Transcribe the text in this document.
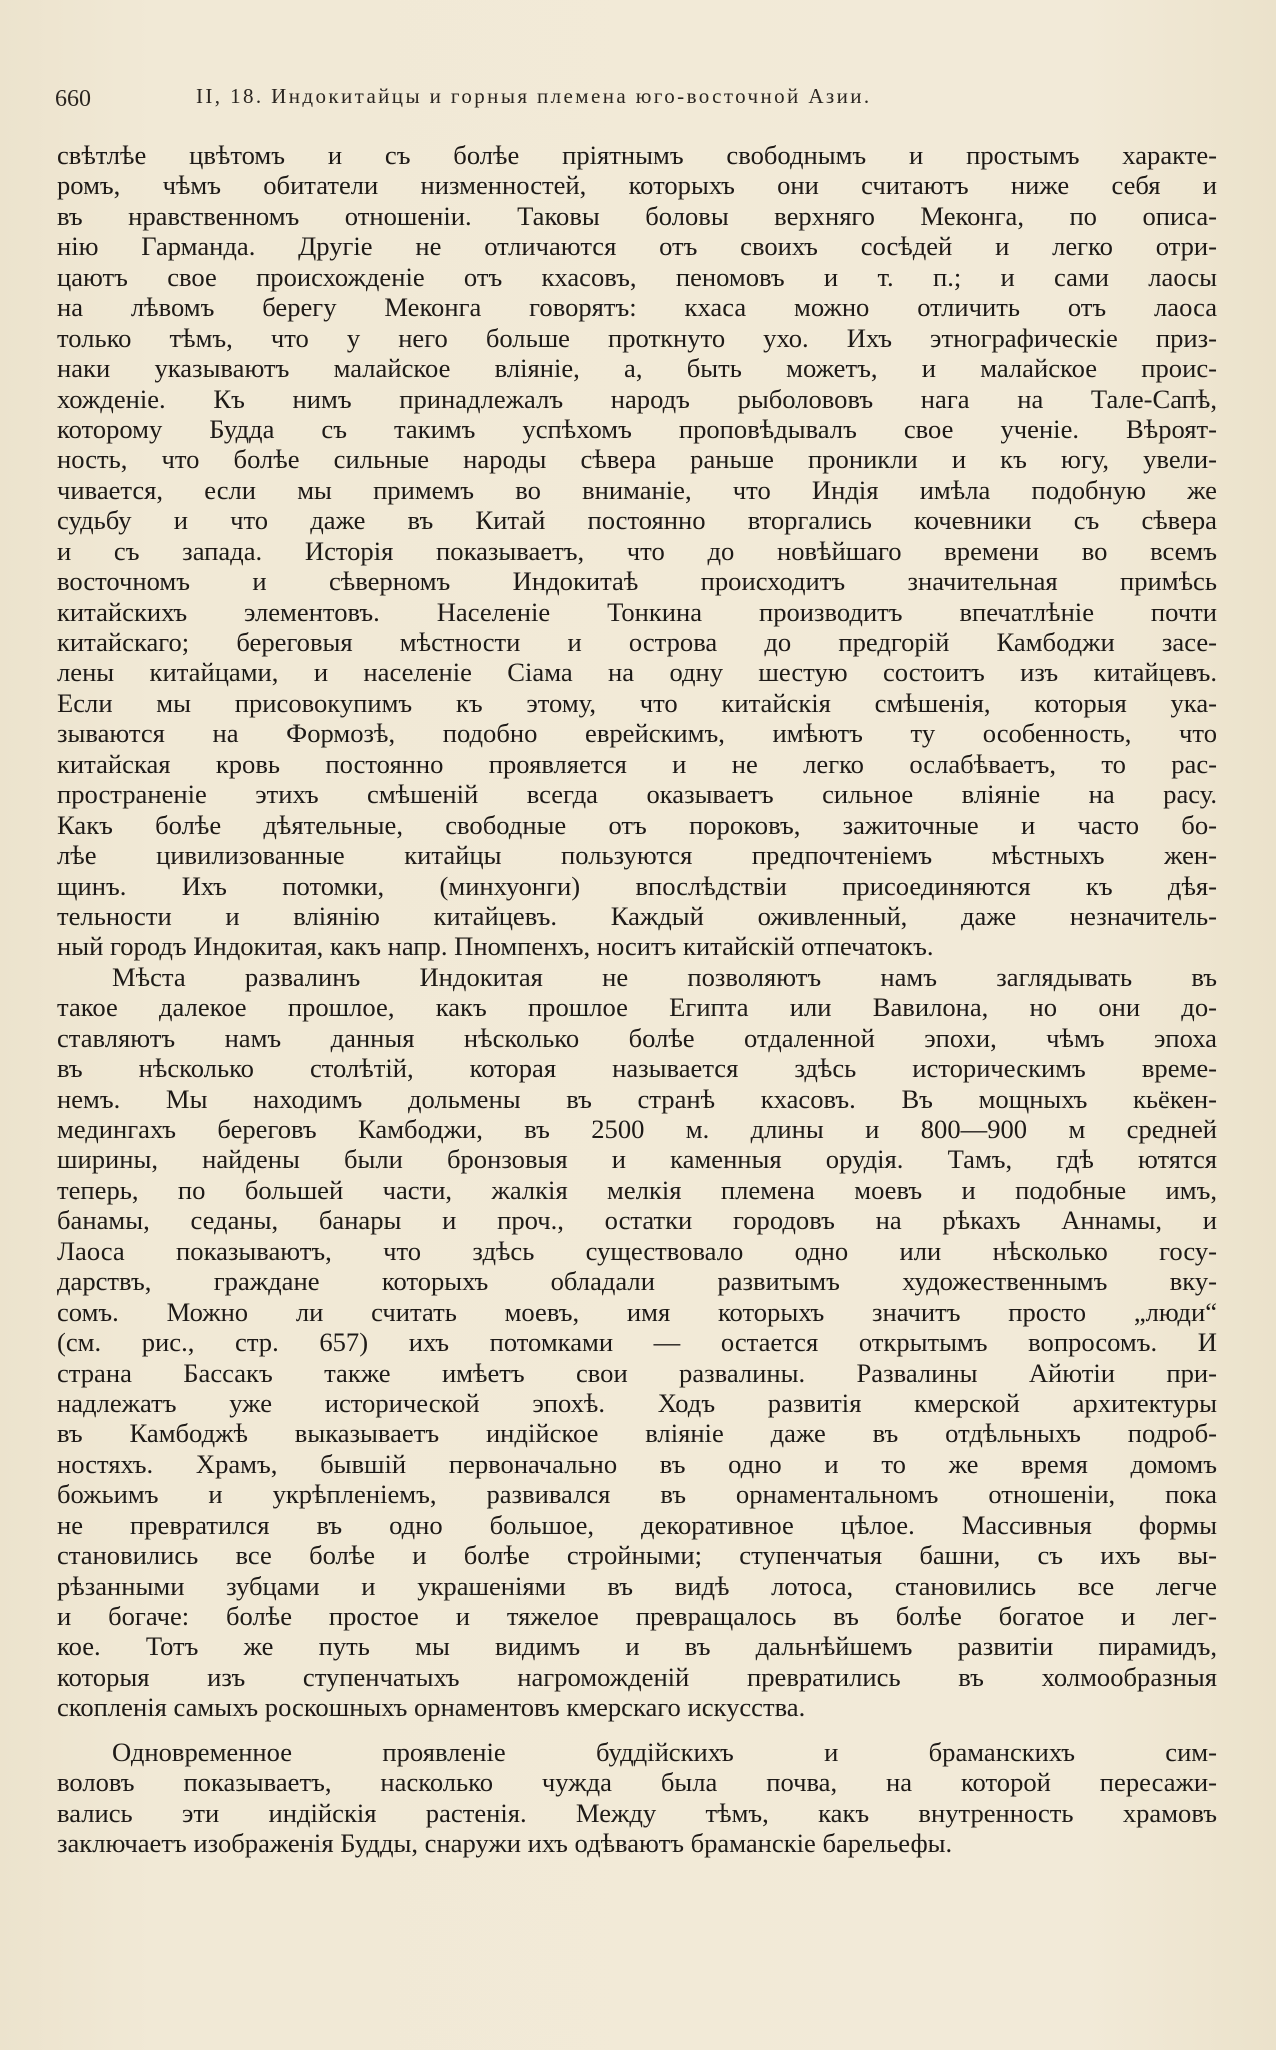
660	II, 18. Индокитайцы и горныя племена юго-восточной Азии.
свѣтлѣе цвѣтомъ и съ болѣе пріятнымъ свободнымъ и простымъ характе-
ромъ, чѣмъ обитатели низменностей, которыхъ они считаютъ ниже себя и
въ нравственномъ отношеніи. Таковы боловы верхняго Меконга, по описа-
нію Гарманда. Другіе не отличаются отъ своихъ сосѣдей и легко отри-
цаютъ свое происхожденіе отъ кхасовъ, пеномовъ и т. п.; и сами лаосы
на лѣвомъ берегу Меконга говорятъ: кхаса можно отличить отъ лаоса
только тѣмъ, что у него больше проткнуто ухо. Ихъ этнографическіе приз-
наки указываютъ малайское вліяніе, а, быть можетъ, и малайское проис-
хожденіе. Къ нимъ принадлежалъ народъ рыболововъ нага на Тале-Сапѣ,
которому Будда съ такимъ успѣхомъ проповѣдывалъ свое ученіе. Вѣроят-
ность, что болѣе сильные народы сѣвера раньше проникли и къ югу, увели-
чивается, если мы примемъ во вниманіе, что Индія имѣла подобную же
судьбу и что даже въ Китай постоянно вторгались кочевники съ сѣвера
и съ запада. Исторія показываетъ, что до новѣйшаго времени во всемъ
восточномъ и сѣверномъ Индокитаѣ происходитъ значительная примѣсь
китайскихъ элементовъ. Населеніе Тонкина производитъ впечатлѣніе почти
китайскаго; береговыя мѣстности и острова до предгорій Камбоджи засе-
лены китайцами, и населеніе Сіама на одну шестую состоитъ изъ китайцевъ.
Если мы присовокупимъ къ этому, что китайскія смѣшенія, которыя ука-
зываются на Формозѣ, подобно еврейскимъ, имѣютъ ту особенность, что
китайская кровь постоянно проявляется и не легко ослабѣваетъ, то рас-
пространеніе этихъ смѣшеній всегда оказываетъ сильное вліяніе на расу.
Какъ болѣе дѣятельные, свободные отъ пороковъ, зажиточные и часто бо-
лѣе цивилизованные китайцы пользуются предпочтеніемъ мѣстныхъ жен-
щинъ. Ихъ потомки, (минхуонги) впослѣдствіи присоединяются къ дѣя-
тельности и вліянію китайцевъ. Каждый оживленный, даже незначитель-
ный городъ Индокитая, какъ напр. Пномпенхъ, носитъ китайскій отпечатокъ.
Мѣста развалинъ Индокитая не позволяютъ намъ заглядывать въ
такое далекое прошлое, какъ прошлое Египта или Вавилона, но они до-
ставляютъ намъ данныя нѣсколько болѣе отдаленной эпохи, чѣмъ эпоха
въ нѣсколько столѣтій, которая называется здѣсь историческимъ време-
немъ. Мы находимъ дольмены въ странѣ кхасовъ. Въ мощныхъ кьёкен-
медингахъ береговъ Камбоджи, въ 2500 м. длины и 800—900 м средней
ширины, найдены были бронзовыя и каменныя орудія. Тамъ, гдѣ ютятся
теперь, по большей части, жалкія мелкія племена моевъ и подобные имъ,
банамы, седаны, банары и проч., остатки городовъ на рѣкахъ Аннамы, и
Лаоса показываютъ, что здѣсь существовало одно или нѣсколько госу-
дарствъ, граждане которыхъ обладали развитымъ художественнымъ вку-
сомъ. Можно ли считать моевъ, имя которыхъ значитъ просто „люди“
(см. рис., стр. 657) ихъ потомками — остается открытымъ вопросомъ. И
страна Бассакъ также имѣетъ свои развалины. Развалины Айютіи при-
надлежатъ уже исторической эпохѣ. Ходъ развитія кмерской архитектуры
въ Камбоджѣ выказываетъ индійское вліяніе даже въ отдѣльныхъ подроб-
ностяхъ. Храмъ, бывшій первоначально въ одно и то же время домомъ
божьимъ и укрѣпленіемъ, развивался въ орнаментальномъ отношеніи, пока
не превратился въ одно большое, декоративное цѣлое. Массивныя формы
становились все болѣе и болѣе стройными; ступенчатыя башни, съ ихъ вы-
рѣзанными зубцами и украшеніями въ видѣ лотоса, становились все легче
и богаче: болѣе простое и тяжелое превращалось въ болѣе богатое и лег-
кое. Тотъ же путь мы видимъ и въ дальнѣйшемъ развитіи пирамидъ,
которыя изъ ступенчатыхъ нагроможденій превратились въ холмообразныя
скопленія самыхъ роскошныхъ орнаментовъ кмерскаго искусства.
Одновременное проявленіе буддійскихъ и браманскихъ сим-
воловъ показываетъ, насколько чужда была почва, на которой пересажи-
вались эти индійскія растенія. Между тѣмъ, какъ внутренность храмовъ
заключаетъ изображенія Будды, снаружи ихъ одѣваютъ браманскіе барельефы.
